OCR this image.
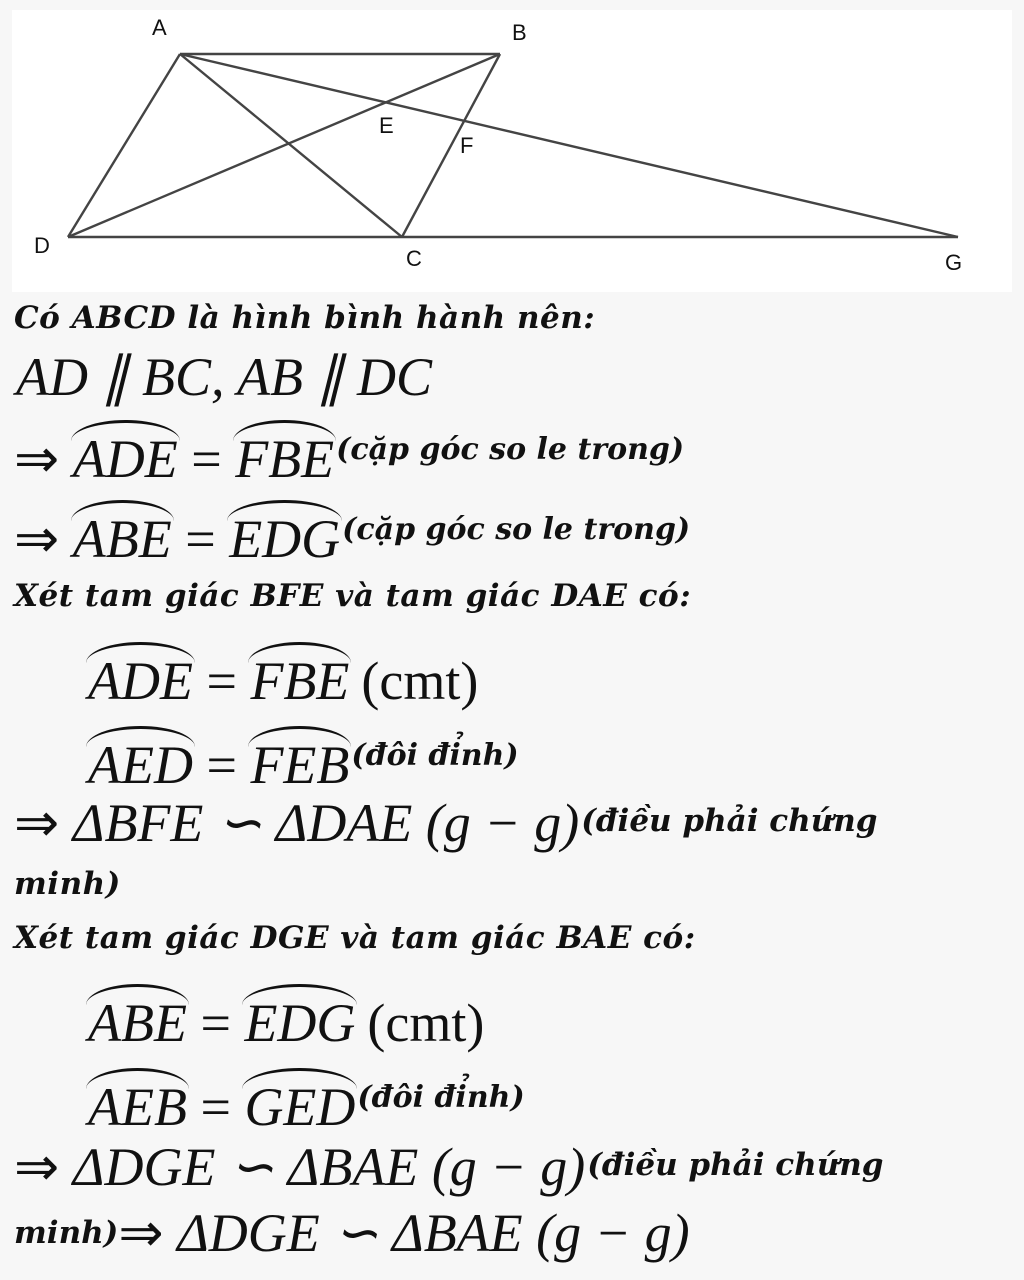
A	B
D
C
E
F
G
Có ABCD là hình bình hành nên:
AD ∥ BC, AB ∥ DC
⇒ ADE = FBE$^{(cặp góc so le trong)}$
⇒ ABE = EDG$^{(cặp góc so le trong)}$
Xét tam giác BFE và tam giác DAE có:
ADE = FBE (cmt)
AED = FEB$^{(đôi đỉnh)}$
⇒ ΔBFE ∽ ΔDAE (g − g)(điều phải chứng
minh)
Xét tam giác DGE và tam giác BAE có:
ABE = EDG (cmt)
AEB = GED$^{(đôi đỉnh)}$
⇒ ΔDGE ∽ ΔBAE (g − g)(điều phải chứng
minh)⇒ ΔDGE ∽ ΔBAE (g − g)
